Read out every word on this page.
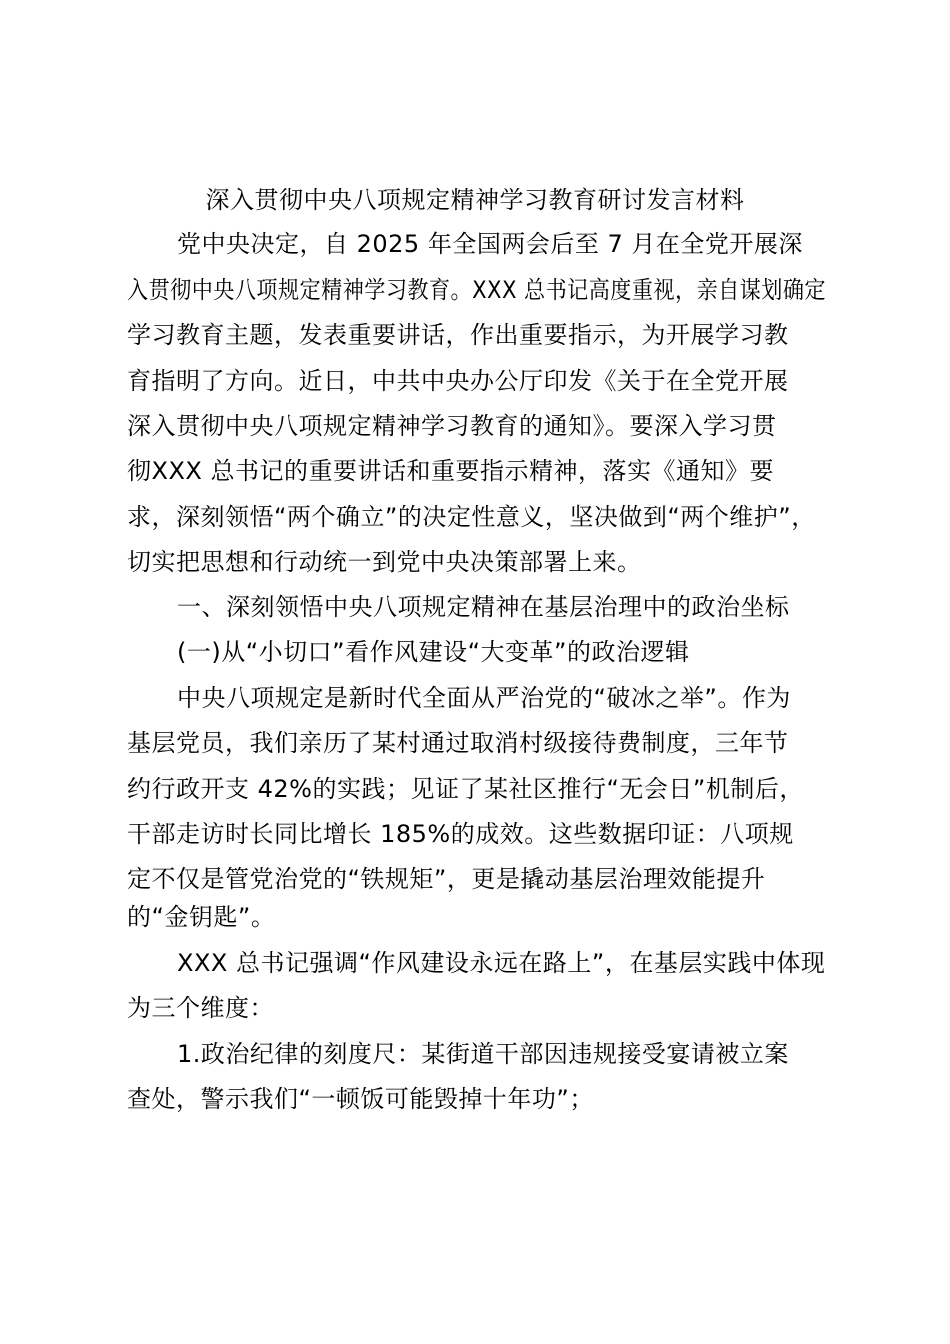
深入贯彻中央八项规定精神学习教育研讨发言材料
党中央决定，自 2025 年全国两会后至 7 月在全党开展深
入贯彻中央八项规定精神学习教育。XXX 总书记高度重视，亲自谋划确定
学习教育主题，发表重要讲话，作出重要指示，为开展学习教
育指明了方向。近日，中共中央办公厅印发《关于在全党开展
深入贯彻中央八项规定精神学习教育的通知》。要深入学习贯
彻XXX 总书记的重要讲话和重要指示精神，落实《通知》要
求，深刻领悟“两个确立”的决定性意义，坚决做到“两个维护”，
切实把思想和行动统一到党中央决策部署上来。
一、深刻领悟中央八项规定精神在基层治理中的政治坐标
(一)从“小切口”看作风建设“大变革”的政治逻辑
中央八项规定是新时代全面从严治党的“破冰之举”。作为
基层党员，我们亲历了某村通过取消村级接待费制度，三年节
约行政开支 42%的实践；见证了某社区推行“无会日”机制后，
干部走访时长同比增长 185%的成效。这些数据印证：八项规
定不仅是管党治党的“铁规矩”，更是撬动基层治理效能提升
的“金钥匙”。
XXX 总书记强调“作风建设永远在路上”，在基层实践中体现
为三个维度：
1.政治纪律的刻度尺：某街道干部因违规接受宴请被立案
查处，警示我们“一顿饭可能毁掉十年功”；
